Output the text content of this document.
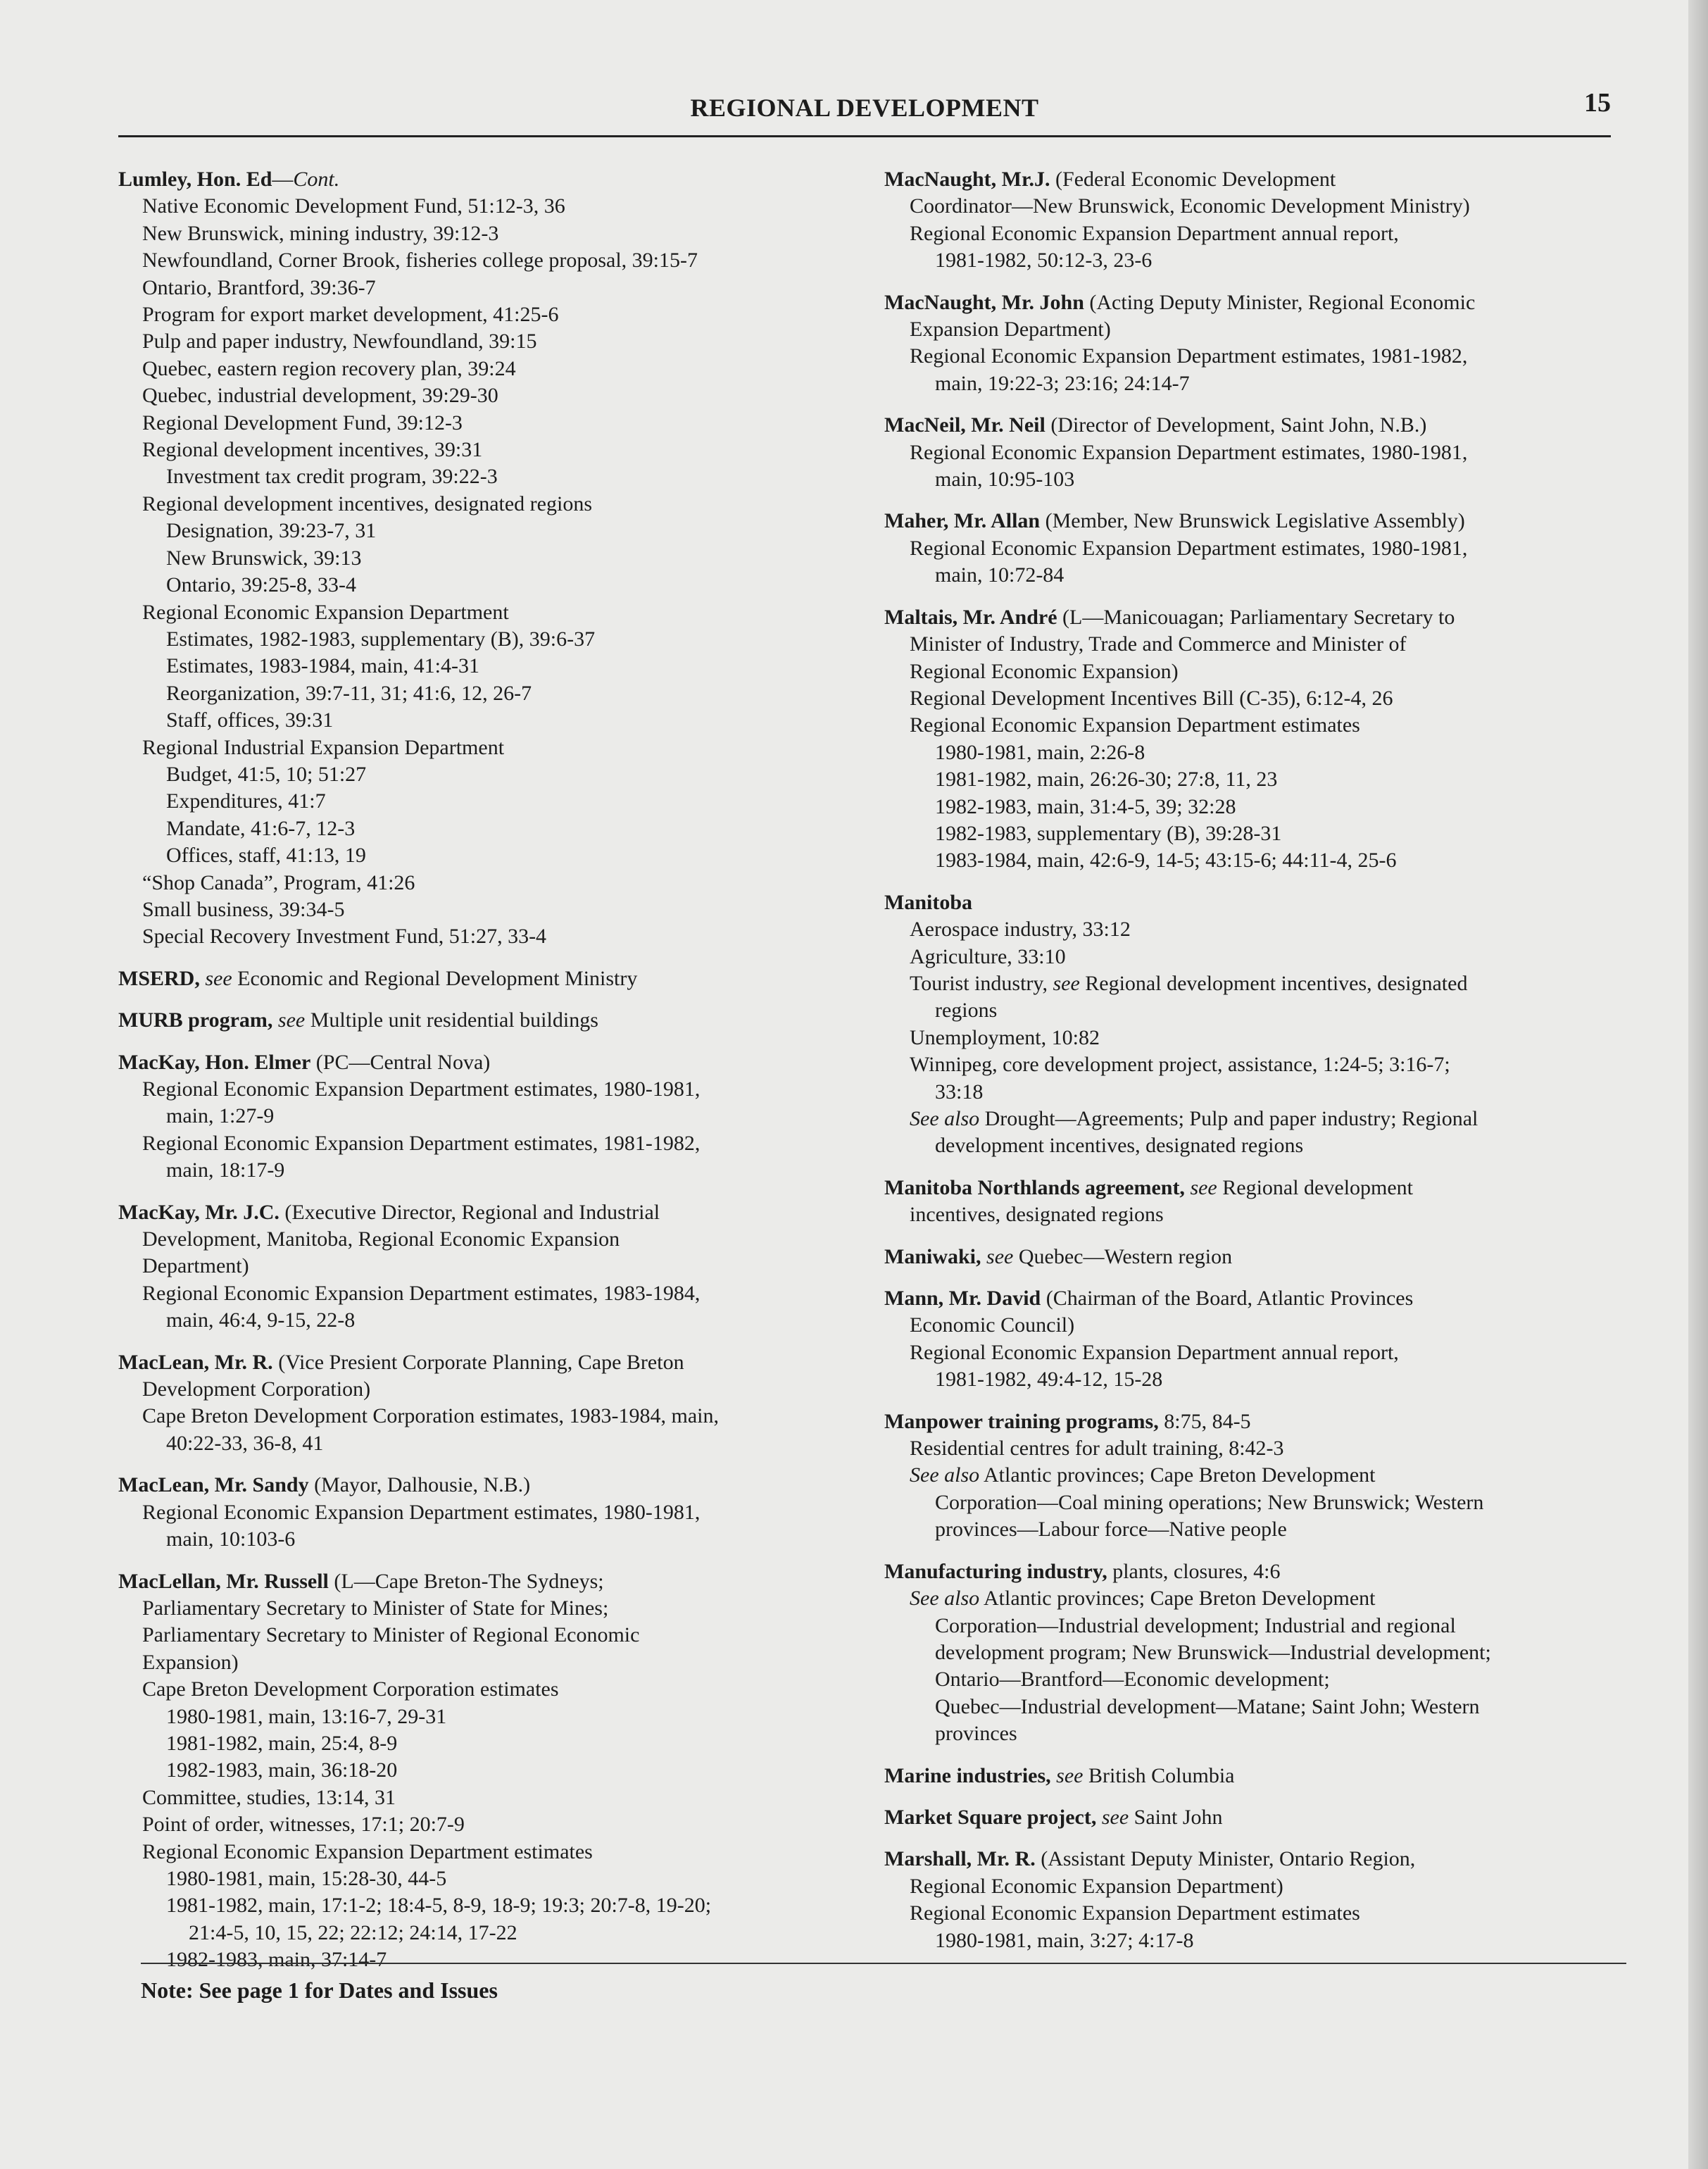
REGIONAL DEVELOPMENT	15
Lumley, Hon. Ed—Cont.
Native Economic Development Fund, 51:12-3, 36
New Brunswick, mining industry, 39:12-3
Newfoundland, Corner Brook, fisheries college proposal, 39:15-7
Ontario, Brantford, 39:36-7
Program for export market development, 41:25-6
Pulp and paper industry, Newfoundland, 39:15
Quebec, eastern region recovery plan, 39:24
Quebec, industrial development, 39:29-30
Regional Development Fund, 39:12-3
Regional development incentives, 39:31
Investment tax credit program, 39:22-3
Regional development incentives, designated regions
Designation, 39:23-7, 31
New Brunswick, 39:13
Ontario, 39:25-8, 33-4
Regional Economic Expansion Department
Estimates, 1982-1983, supplementary (B), 39:6-37
Estimates, 1983-1984, main, 41:4-31
Reorganization, 39:7-11, 31; 41:6, 12, 26-7
Staff, offices, 39:31
Regional Industrial Expansion Department
Budget, 41:5, 10; 51:27
Expenditures, 41:7
Mandate, 41:6-7, 12-3
Offices, staff, 41:13, 19
“Shop Canada”, Program, 41:26
Small business, 39:34-5
Special Recovery Investment Fund, 51:27, 33-4
MSERD, see Economic and Regional Development Ministry
MURB program, see Multiple unit residential buildings
MacKay, Hon. Elmer (PC—Central Nova)
Regional Economic Expansion Department estimates, 1980-1981,
main, 1:27-9
Regional Economic Expansion Department estimates, 1981-1982,
main, 18:17-9
MacKay, Mr. J.C. (Executive Director, Regional and Industrial
Development, Manitoba, Regional Economic Expansion
Department)
Regional Economic Expansion Department estimates, 1983-1984,
main, 46:4, 9-15, 22-8
MacLean, Mr. R. (Vice Presient Corporate Planning, Cape Breton
Development Corporation)
Cape Breton Development Corporation estimates, 1983-1984, main,
40:22-33, 36-8, 41
MacLean, Mr. Sandy (Mayor, Dalhousie, N.B.)
Regional Economic Expansion Department estimates, 1980-1981,
main, 10:103-6
MacLellan, Mr. Russell (L—Cape Breton-The Sydneys;
Parliamentary Secretary to Minister of State for Mines;
Parliamentary Secretary to Minister of Regional Economic
Expansion)
Cape Breton Development Corporation estimates
1980-1981, main, 13:16-7, 29-31
1981-1982, main, 25:4, 8-9
1982-1983, main, 36:18-20
Committee, studies, 13:14, 31
Point of order, witnesses, 17:1; 20:7-9
Regional Economic Expansion Department estimates
1980-1981, main, 15:28-30, 44-5
1981-1982, main, 17:1-2; 18:4-5, 8-9, 18-9; 19:3; 20:7-8, 19-20;
21:4-5, 10, 15, 22; 22:12; 24:14, 17-22
1982-1983, main, 37:14-7
MacNaught, Mr.J. (Federal Economic Development
Coordinator—New Brunswick, Economic Development Ministry)
Regional Economic Expansion Department annual report,
1981-1982, 50:12-3, 23-6
MacNaught, Mr. John (Acting Deputy Minister, Regional Economic
Expansion Department)
Regional Economic Expansion Department estimates, 1981-1982,
main, 19:22-3; 23:16; 24:14-7
MacNeil, Mr. Neil (Director of Development, Saint John, N.B.)
Regional Economic Expansion Department estimates, 1980-1981,
main, 10:95-103
Maher, Mr. Allan (Member, New Brunswick Legislative Assembly)
Regional Economic Expansion Department estimates, 1980-1981,
main, 10:72-84
Maltais, Mr. André (L—Manicouagan; Parliamentary Secretary to
Minister of Industry, Trade and Commerce and Minister of
Regional Economic Expansion)
Regional Development Incentives Bill (C-35), 6:12-4, 26
Regional Economic Expansion Department estimates
1980-1981, main, 2:26-8
1981-1982, main, 26:26-30; 27:8, 11, 23
1982-1983, main, 31:4-5, 39; 32:28
1982-1983, supplementary (B), 39:28-31
1983-1984, main, 42:6-9, 14-5; 43:15-6; 44:11-4, 25-6
Manitoba
Aerospace industry, 33:12
Agriculture, 33:10
Tourist industry, see Regional development incentives, designated
regions
Unemployment, 10:82
Winnipeg, core development project, assistance, 1:24-5; 3:16-7;
33:18
See also Drought—Agreements; Pulp and paper industry; Regional
development incentives, designated regions
Manitoba Northlands agreement, see Regional development
incentives, designated regions
Maniwaki, see Quebec—Western region
Mann, Mr. David (Chairman of the Board, Atlantic Provinces
Economic Council)
Regional Economic Expansion Department annual report,
1981-1982, 49:4-12, 15-28
Manpower training programs, 8:75, 84-5
Residential centres for adult training, 8:42-3
See also Atlantic provinces; Cape Breton Development
Corporation—Coal mining operations; New Brunswick; Western
provinces—Labour force—Native people
Manufacturing industry, plants, closures, 4:6
See also Atlantic provinces; Cape Breton Development
Corporation—Industrial development; Industrial and regional
development program; New Brunswick—Industrial development;
Ontario—Brantford—Economic development;
Quebec—Industrial development—Matane; Saint John; Western
provinces
Marine industries, see British Columbia
Market Square project, see Saint John
Marshall, Mr. R. (Assistant Deputy Minister, Ontario Region,
Regional Economic Expansion Department)
Regional Economic Expansion Department estimates
1980-1981, main, 3:27; 4:17-8
Note: See page 1 for Dates and Issues
